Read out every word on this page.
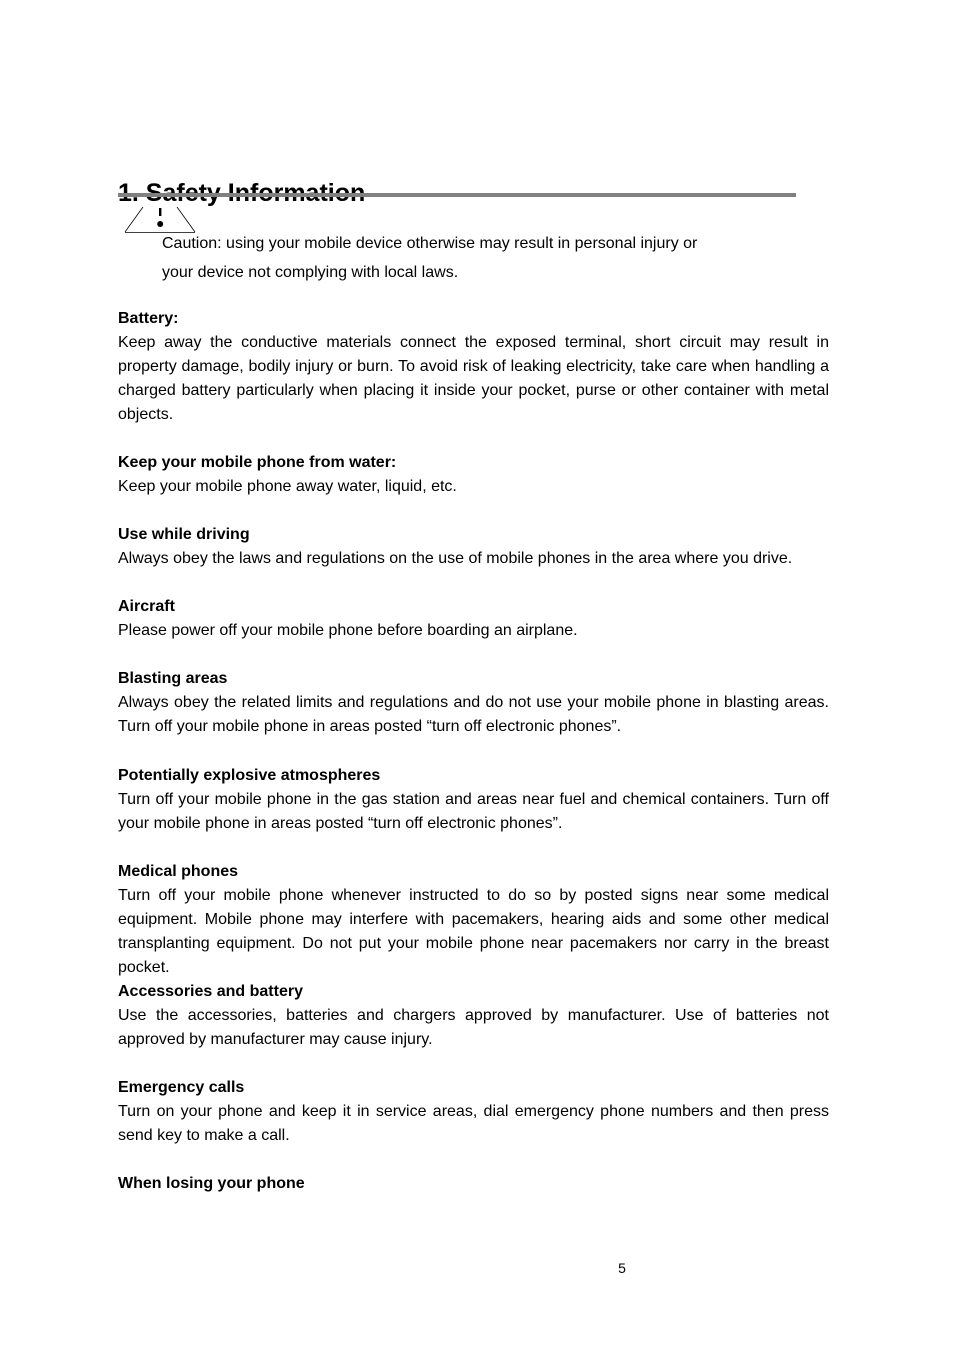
Caution: using your mobile device otherwise may result in personal injury or
your device not complying with local laws.
Battery:
Keep away the conductive materials connect the exposed terminal, short circuit may result in property damage, bodily injury or burn. To avoid risk of leaking electricity, take care when handling a charged battery particularly when placing it inside your pocket, purse or other container with metal objects.
Keep your mobile phone from water:
Keep your mobile phone away water, liquid, etc.
Use while driving
Always obey the laws and regulations on the use of mobile phones in the area where you drive.
Aircraft
Please power off your mobile phone before boarding an airplane.
Blasting areas
Always obey the related limits and regulations and do not use your mobile phone in blasting areas. Turn off your mobile phone in areas posted “turn off electronic phones”.
Potentially explosive atmospheres
Turn off your mobile phone in the gas station and areas near fuel and chemical containers. Turn off your mobile phone in areas posted “turn off electronic phones”.
Medical phones
Turn off your mobile phone whenever instructed to do so by posted signs near some medical equipment. Mobile phone may interfere with pacemakers, hearing aids and some other medical transplanting equipment. Do not put your mobile phone near pacemakers nor carry in the breast pocket.
Accessories and battery
Use the accessories, batteries and chargers approved by manufacturer. Use of batteries not approved by manufacturer may cause injury.
Emergency calls
Turn on your phone and keep it in service areas, dial emergency phone numbers and then press send key to make a call.
When losing your phone
5
